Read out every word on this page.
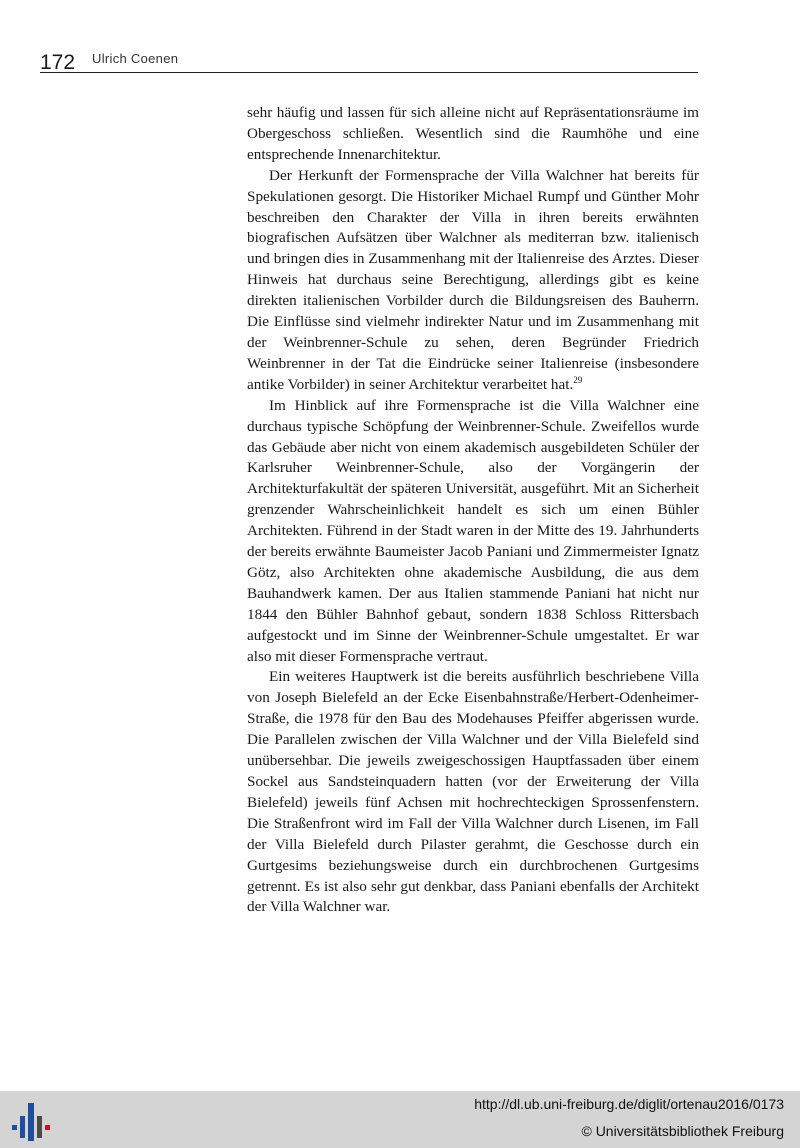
172 Ulrich Coenen

sehr häufig und lassen für sich alleine nicht auf Repräsentationsräume im Obergeschoss schließen. Wesentlich sind die Raumhöhe und eine entsprechende Innenarchitektur.

Der Herkunft der Formensprache der Villa Walchner hat bereits für Spekulationen gesorgt. Die Historiker Michael Rumpf und Günther Mohr beschreiben den Charakter der Villa in ihren bereits erwähnten biografischen Aufsätzen über Walchner als mediterran bzw. italienisch und bringen dies in Zusammenhang mit der Italienreise des Arztes. Dieser Hinweis hat durchaus seine Berechtigung, allerdings gibt es keine direkten italienischen Vorbilder durch die Bildungsreisen des Bauherrn. Die Einflüsse sind vielmehr indirekter Natur und im Zusammenhang mit der Weinbrenner-Schule zu sehen, deren Begründer Friedrich Weinbrenner in der Tat die Eindrücke seiner Italienreise (insbesondere antike Vorbilder) in seiner Architektur verarbeitet hat.$^{29}$

Im Hinblick auf ihre Formensprache ist die Villa Walchner eine durchaus typische Schöpfung der Weinbrenner-Schule. Zweifellos wurde das Gebäude aber nicht von einem akademisch ausgebildeten Schüler der Karlsruher Weinbrenner-Schule, also der Vorgängerin der Architekturfakultät der späteren Universität, ausgeführt. Mit an Sicherheit grenzender Wahrscheinlichkeit handelt es sich um einen Bühler Architekten. Führend in der Stadt waren in der Mitte des 19. Jahrhunderts der bereits erwähnte Baumeister Jacob Paniani und Zimmermeister Ignatz Götz, also Architekten ohne akademische Ausbildung, die aus dem Bauhandwerk kamen. Der aus Italien stammende Paniani hat nicht nur 1844 den Bühler Bahnhof gebaut, sondern 1838 Schloss Rittersbach aufgestockt und im Sinne der Weinbrenner-Schule umgestaltet. Er war also mit dieser Formensprache vertraut.

Ein weiteres Hauptwerk ist die bereits ausführlich beschriebene Villa von Joseph Bielefeld an der Ecke Eisenbahnstraße/Herbert-Odenheimer-Straße, die 1978 für den Bau des Modehauses Pfeiffer abgerissen wurde. Die Parallelen zwischen der Villa Walchner und der Villa Bielefeld sind unübersehbar. Die jeweils zweigeschossigen Hauptfassaden über einem Sockel aus Sandsteinquadern hatten (vor der Erweiterung der Villa Bielefeld) jeweils fünf Achsen mit hochrechteckigen Sprossenfenstern. Die Straßenfront wird im Fall der Villa Walchner durch Lisenen, im Fall der Villa Bielefeld durch Pilaster gerahmt, die Geschosse durch ein Gurtgesims beziehungsweise durch ein durchbrochenen Gurtgesims getrennt. Es ist also sehr gut denkbar, dass Paniani ebenfalls der Architekt der Villa Walchner war.

http://dl.ub.uni-freiburg.de/diglit/ortenau2016/0173
© Universitätsbibliothek Freiburg
